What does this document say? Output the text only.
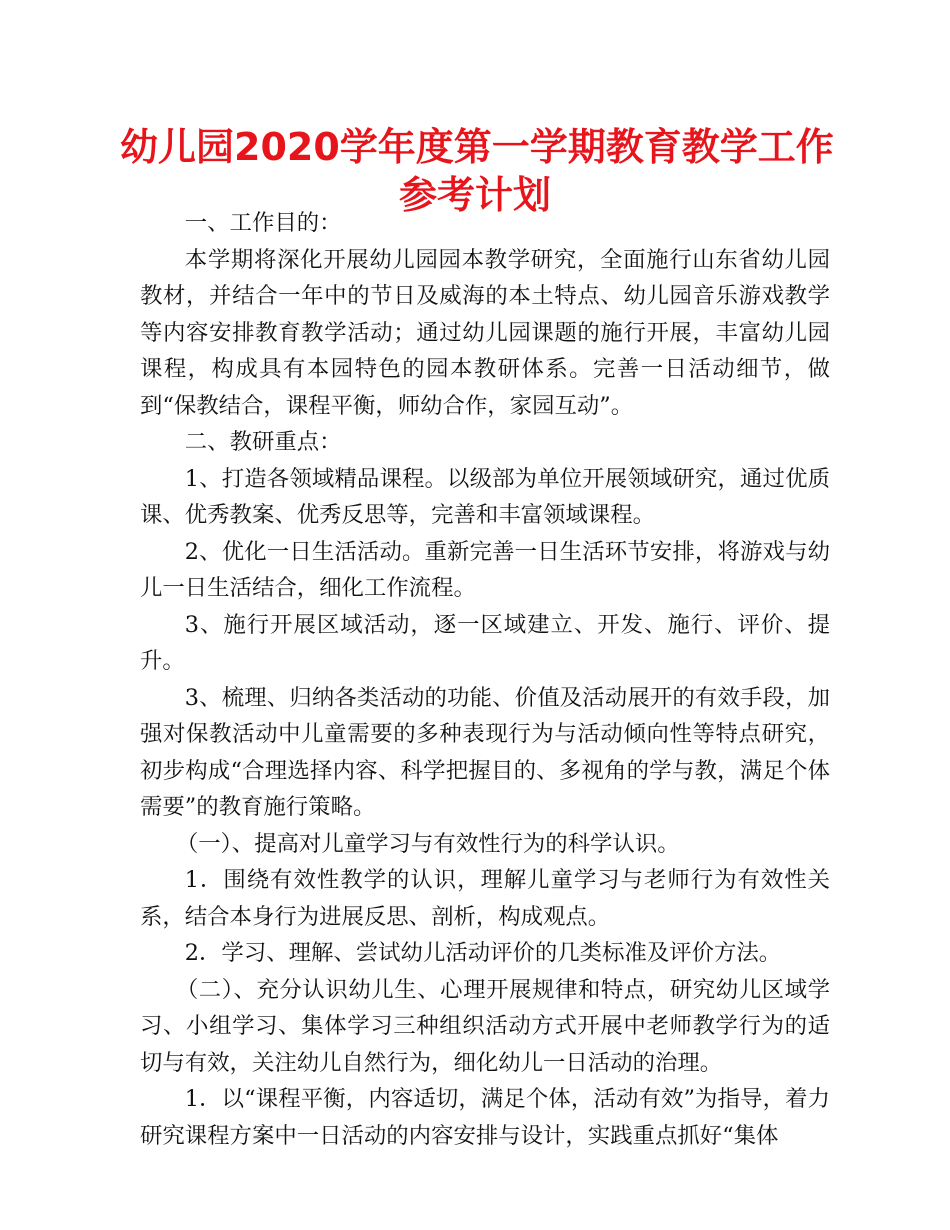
幼儿园2020学年度第一学期教育教学工作
参考计划

一、工作目的：

本学期将深化开展幼儿园园本教学研究，全面施行山东省幼儿园教材，并结合一年中的节日及威海的本土特点、幼儿园音乐游戏教学等内容安排教育教学活动；通过幼儿园课题的施行开展，丰富幼儿园课程，构成具有本园特色的园本教研体系。完善一日活动细节，做到“保教结合，课程平衡，师幼合作，家园互动”。

二、教研重点：

1、打造各领域精品课程。以级部为单位开展领域研究，通过优质课、优秀教案、优秀反思等，完善和丰富领域课程。

2、优化一日生活活动。重新完善一日生活环节安排，将游戏与幼儿一日生活结合，细化工作流程。

3、施行开展区域活动，逐一区域建立、开发、施行、评价、提升。

3、梳理、归纳各类活动的功能、价值及活动展开的有效手段，加强对保教活动中儿童需要的多种表现行为与活动倾向性等特点研究，初步构成“合理选择内容、科学把握目的、多视角的学与教，满足个体需要”的教育施行策略。

（一）、提高对儿童学习与有效性行为的科学认识。

1．围绕有效性教学的认识，理解儿童学习与老师行为有效性关系，结合本身行为进展反思、剖析，构成观点。

2．学习、理解、尝试幼儿活动评价的几类标准及评价方法。

（二）、充分认识幼儿生、心理开展规律和特点，研究幼儿区域学习、小组学习、集体学习三种组织活动方式开展中老师教学行为的适切与有效，关注幼儿自然行为，细化幼儿一日活动的治理。

1．以“课程平衡，内容适切，满足个体，活动有效”为指导，着力研究课程方案中一日活动的内容安排与设计，实践重点抓好“集体
